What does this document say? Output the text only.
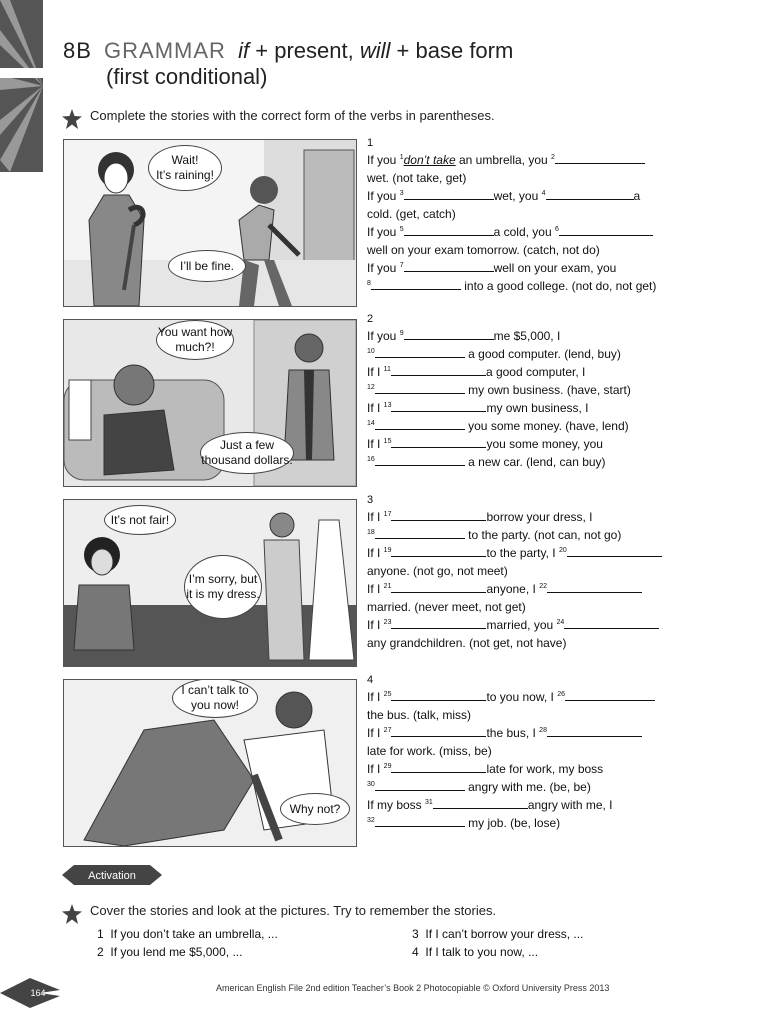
8B GRAMMAR if + present, will + base form
(first conditional)
Complete the stories with the correct form of the verbs in parentheses.
Wait!
It’s raining!
I’ll be fine.
You want how much?!
Just a few thousand dollars.
It’s not fair!
I’m sorry, but it is my dress.
I can’t talk to you now!
Why not?
1
If you $^1$don’t take an umbrella, you $^2$
wet. (not take, get)
If you $^3$	wet, you $^4$	a
cold. (get, catch)
If you $^5$	a cold, you $^6$
well on your exam tomorrow. (catch, not do)
If you $^7$	well on your exam, you
$^8$	into a good college. (not do, not get)
2
If you $^9$	me $5,000, I
$^{10}$	a good computer. (lend, buy)
If I $^{11}$	a good computer, I
$^{12}$	my own business. (have, start)
If I $^{13}$	my own business, I
$^{14}$	you some money. (have, lend)
If I $^{15}$	you some money, you
$^{16}$	a new car. (lend, can buy)
3
If I $^{17}$	borrow your dress, I
$^{18}$	to the party. (not can, not go)
If I $^{19}$	to the party, I $^{20}$
anyone. (not go, not meet)
If I $^{21}$	anyone, I $^{22}$
married. (never meet, not get)
If I $^{23}$	married, you $^{24}$
any grandchildren. (not get, not have)
4
If I $^{25}$	to you now, I $^{26}$
the bus. (talk, miss)
If I $^{27}$	the bus, I $^{28}$
late for work. (miss, be)
If I $^{29}$	late for work, my boss
$^{30}$	angry with me. (be, be)
If my boss $^{31}$	angry with me, I
$^{32}$	my job. (be, lose)
Activation
Cover the stories and look at the pictures. Try to remember the stories.
1 If you don’t take an umbrella, ...
2 If you lend me $5,000, ...
3 If I can’t borrow your dress, ...
4 If I talk to you now, ...
164	American English File 2nd edition Teacher’s Book 2 Photocopiable © Oxford University Press 2013
